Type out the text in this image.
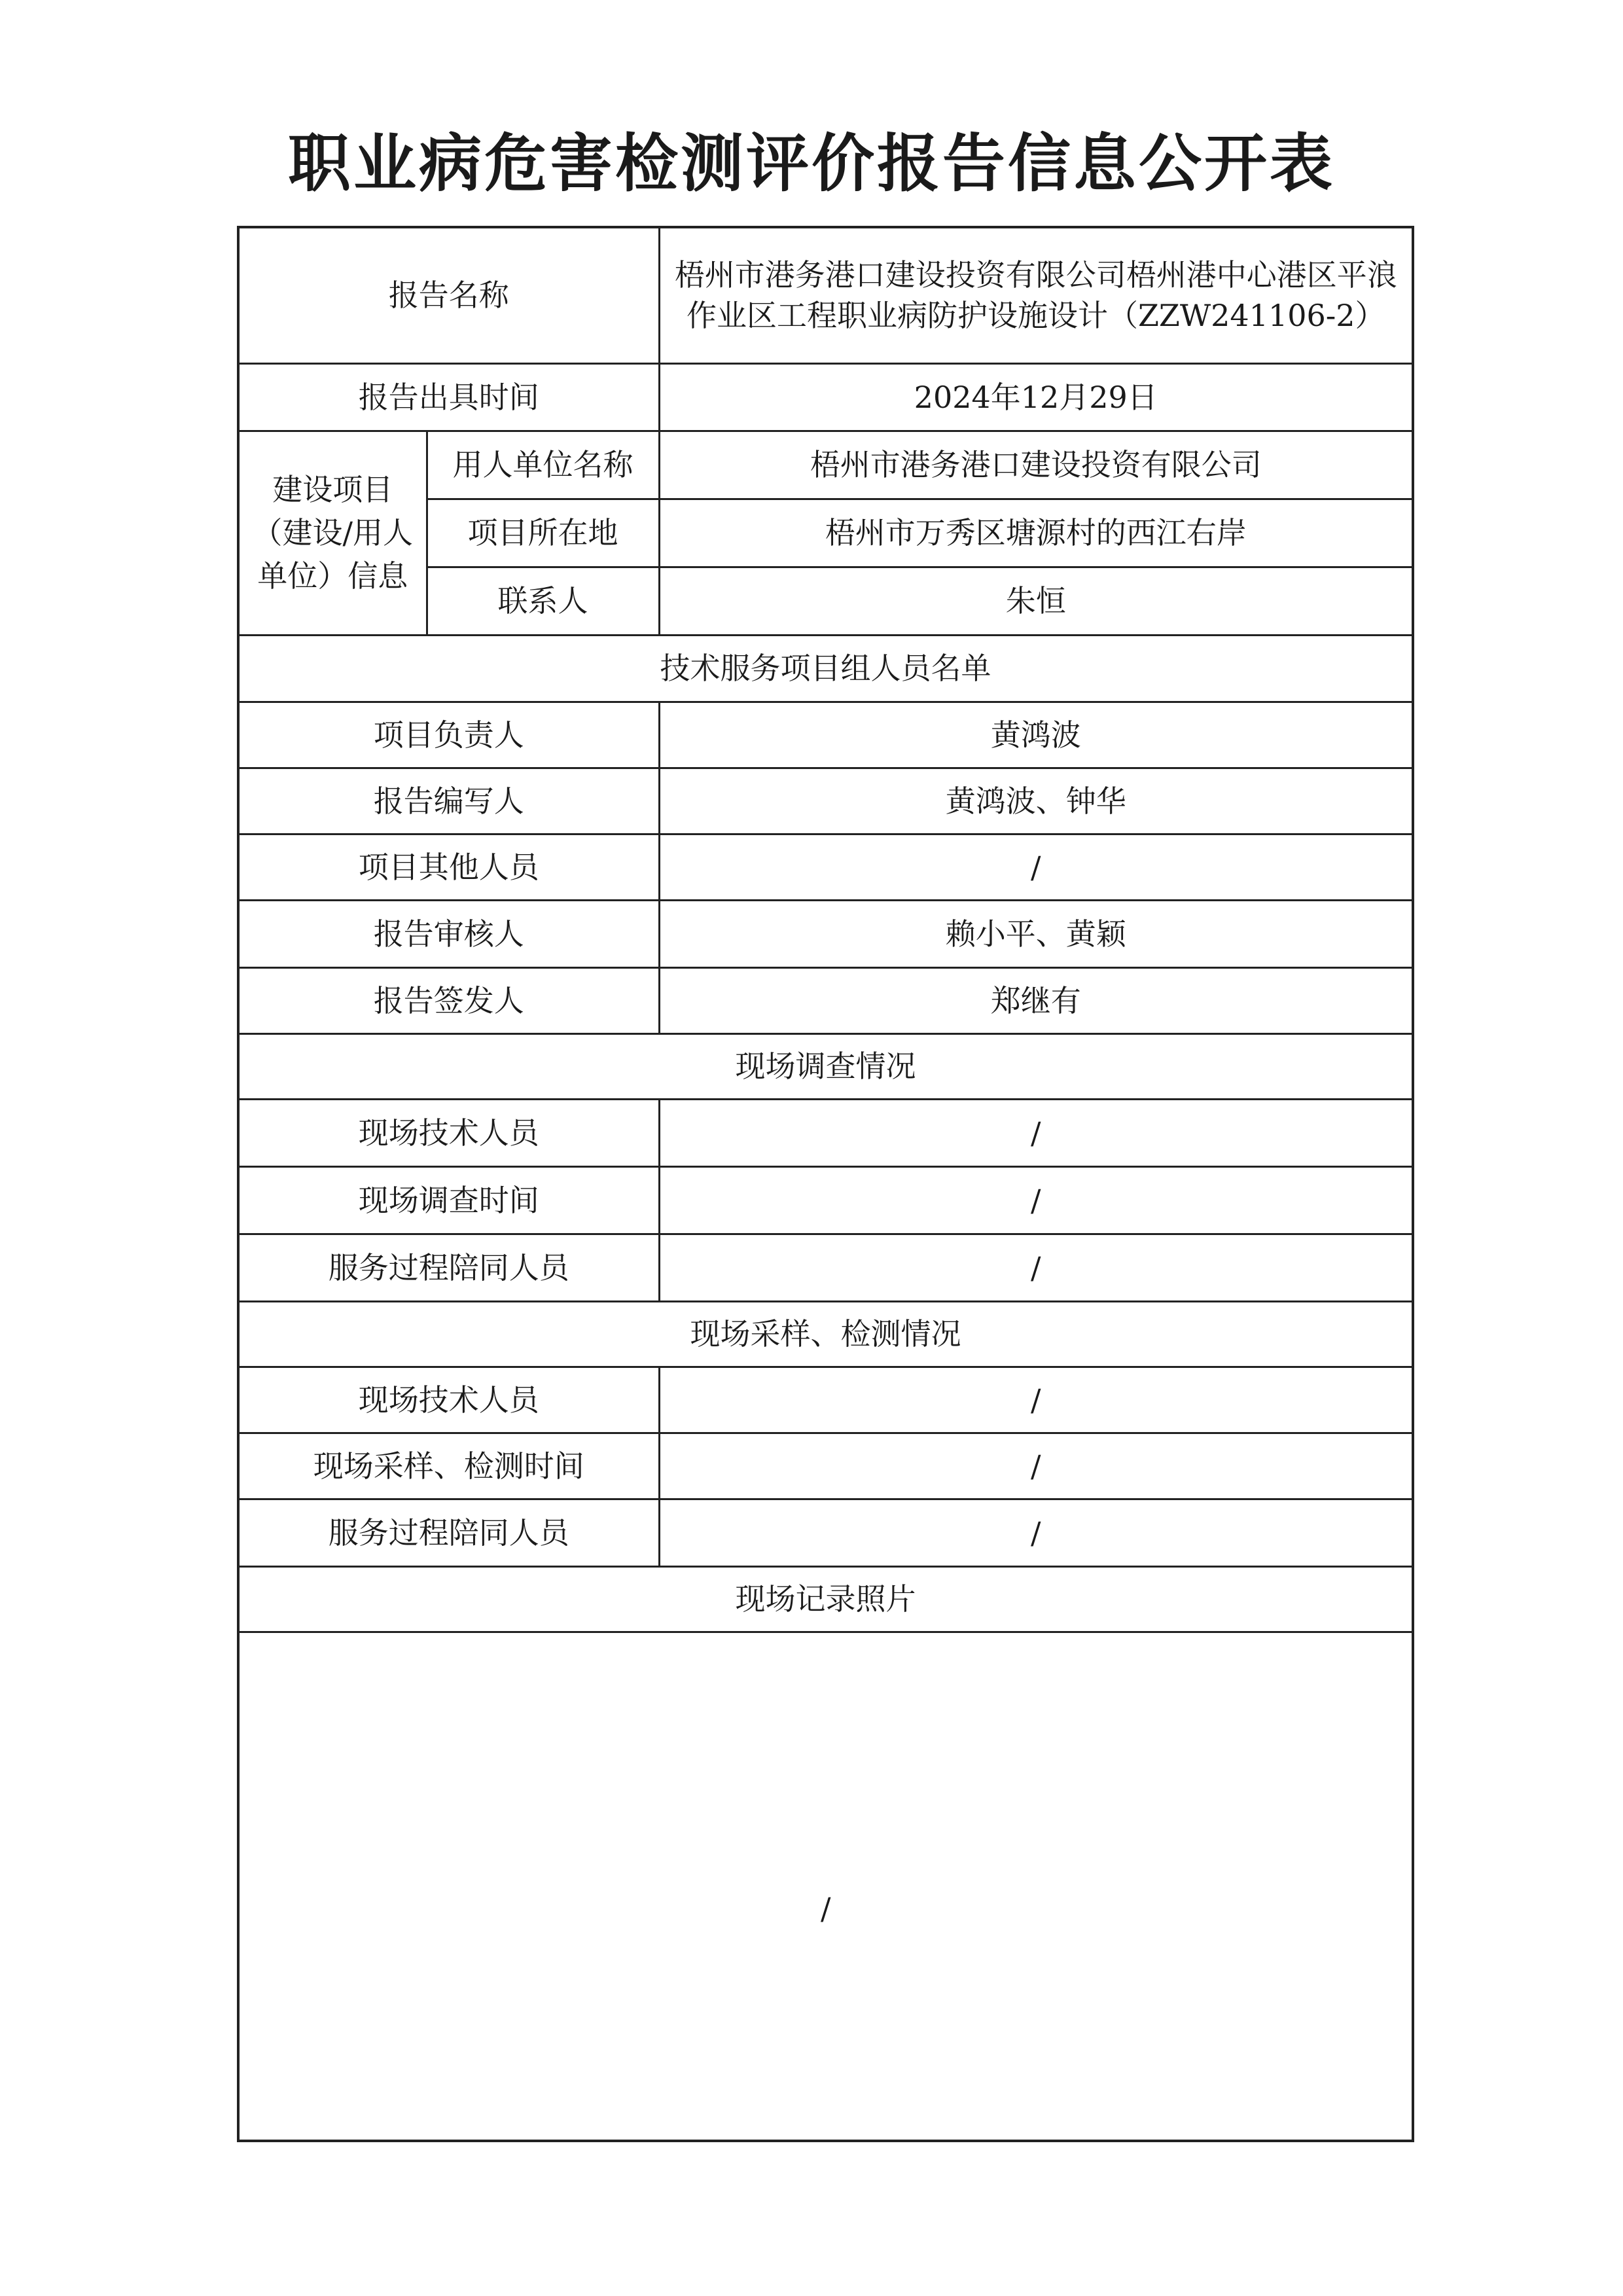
职业病危害检测评价报告信息公开表
报告名称		梧州市港务港口建设投资有限公司梧州港中心港区平浪作业区工程职业病防护设施设计（ZZW241106-2）
报告出具时间		2024年12月29日
建设项目（建设/用人单位）信息	用人单位名称	梧州市港务港口建设投资有限公司
	项目所在地	梧州市万秀区塘源村的西江右岸
	联系人	朱恒
技术服务项目组人员名单		
项目负责人		黄鸿波
报告编写人		黄鸿波、钟华
项目其他人员		/
报告审核人		赖小平、黄颖
报告签发人		郑继有
现场调查情况		
现场技术人员		/
现场调查时间		/
服务过程陪同人员		/
现场采样、检测情况		
现场技术人员		/
现场采样、检测时间		/
服务过程陪同人员		/
现场记录照片		

/		
